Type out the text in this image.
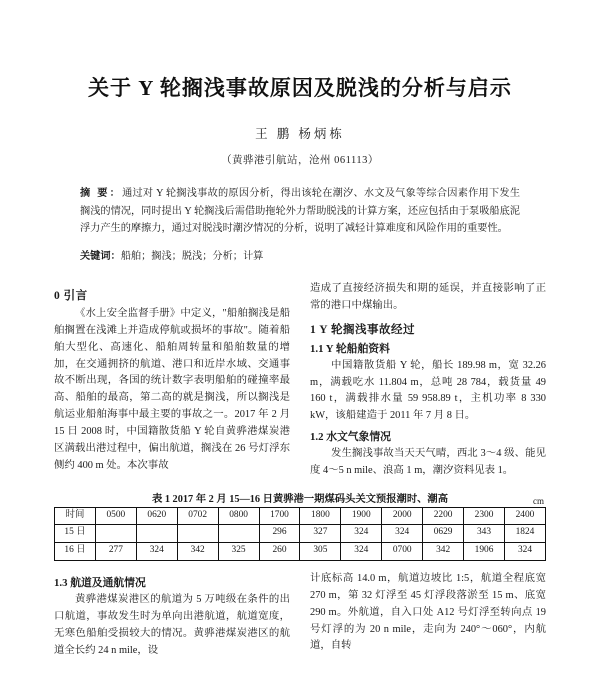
关于 Y 轮搁浅事故原因及脱浅的分析与启示
王 鹏 杨炳栋
（黄骅港引航站，沧州 061113）
摘 要：通过对 Y 轮搁浅事故的原因分析，得出该轮在潮汐、水文及气象等综合因素作用下发生搁浅的情况，同时提出 Y 轮搁浅后需借助拖轮外力帮助脱浅的计算方案，还应包括由于泵吸船底泥浮力产生的摩擦力，通过对脱浅时潮汐情况的分析，说明了减轻计算难度和风险作用的重要性。
关键词：船舶；搁浅；脱浅；分析；计算
0 引言

《水上安全监督手册》中定义，"船舶搁浅是船舶搁置在浅滩上并造成停航或损坏的事故"。随着船舶大型化、高速化、船舶周转量和船舶数量的增加，在交通拥挤的航道、港口和近岸水域、交通事故不断出现，各国的统计数字表明船舶的碰撞率最高、船舶的最高，第二高的就是搁浅，所以搁浅是航运业船舶海事中最主要的事故之一。2017 年 2 月 15 日 2008 时，中国籍散货船 Y 轮自黄骅港煤炭港区满载出港过程中，偏出航道，搁浅在 26 号灯浮东侧约 400 m 处。本次事故

造成了直接经济损失和期的延误，并直接影响了正常的港口中煤输出。

1 Y 轮搁浅事故经过
1.1 Y 轮船舶资料

中国籍散货船 Y 轮，船长 189.98 m，宽 32.26 m，满载吃水 11.804 m，总吨 28 784，载货量 49 160 t，满载排水量 59 958.89 t，主机功率 8 330 kW，该船建造于 2011 年 7 月 8 日。

1.2 水文气象情况

发生搁浅事故当天天气晴，西北 3～4 级、能见度 4～5 n mile、浪高 1 m，潮汐资料见表 1。

表 1 2017 年 2 月 15—16 日黄骅港一期煤码头关文预报潮时、潮高	cm
时间	0500	0620	0702	0800	1700	1800	1900	2000	2200	2300	2400
15 日					296	327	324	324	0629	343	1824
16 日	277	324	342	325	260	305	324	0700	342	1906	324
1.3 航道及通航情况

黄骅港煤炭港区的航道为 5 万吨级在条件的出口航道，事故发生时为单向出港航道，航道宽度，无寒色船舶受损较大的情况。黄骅港煤炭港区的航道全长约 24 n mile，设

计底标高 14.0 m，航道边坡比 1:5，航道全程底宽 270 m，第 32 灯浮至 45 灯浮段落淤至 15 m、底宽 290 m。外航道，自入口处 A12 号灯浮至转向点 19 号灯浮的为 20 n mile，走向为 240°～060°，内航道，自转
